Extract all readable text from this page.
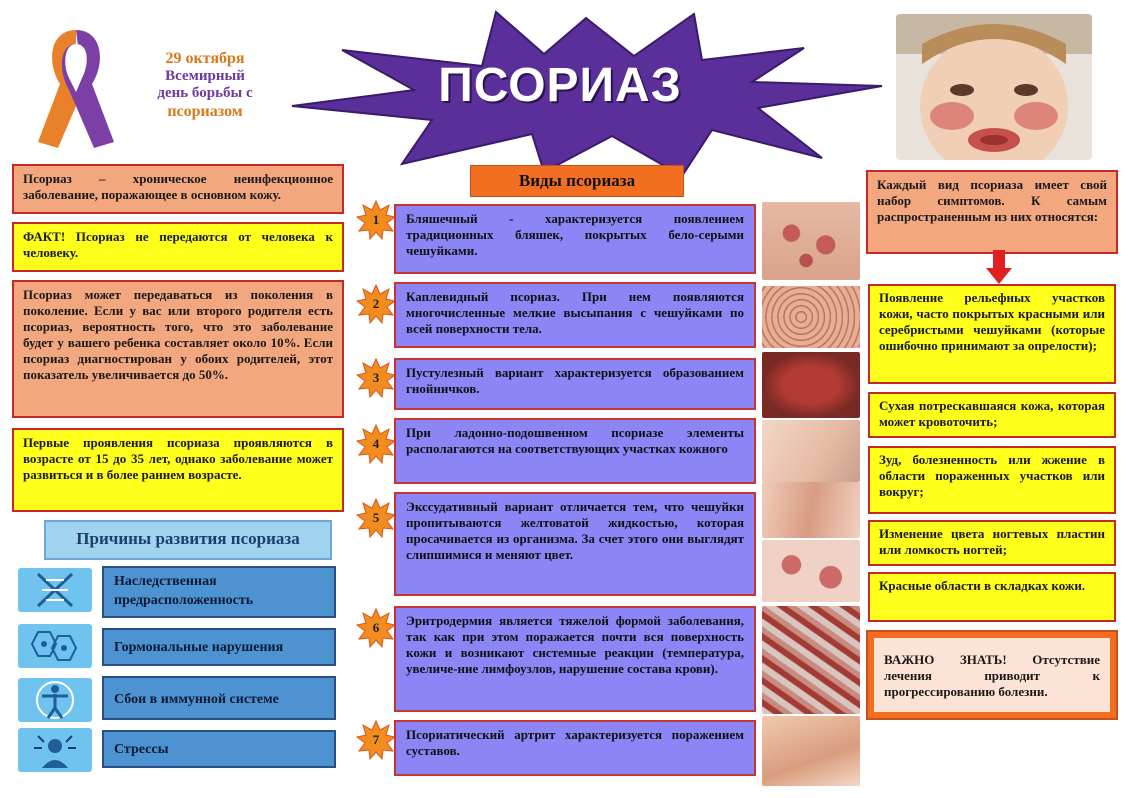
29 октября
Всемирный
день борьбы с
псориазом	ПСОРИАЗ
Псориаз – хроническое неинфекционное заболевание, поражающее в основном кожу.
ФАКТ! Псориаз не передаются от человека к человеку.
Псориаз может передаваться из поколения в поколение. Если у вас или второго родителя есть псориаз, вероятность того, что это заболевание будет у вашего ребенка составляет около 10%. Если псориаз диагностирован у обоих родителей, этот показатель увеличивается до 50%.
Первые проявления псориаза проявляются в возрасте от 15 до 35 лет, однако заболевание может развиться и в более раннем возрасте.
Причины развития псориаза
Наследственная предрасположенность
Гормональные нарушения
Сбои в иммунной системе
Стрессы
Виды псориаза
1
2
3
4
5
6
7
Бляшечный - характеризуется появлением традиционных бляшек, покрытых бело-серыми чешуйками.
Каплевидный псориаз. При нем появляются многочисленные мелкие высыпания с чешуйками по всей поверхности тела.
Пустулезный вариант характеризуется образованием гнойничков.
При ладонно-подошвенном псориазе элементы располагаются на соответствующих участках кожного
Экссудативный вариант отличается тем, что чешуйки пропитываются желтоватой жидкостью, которая просачивается из организма. За счет этого они выглядят слипшимися и меняют цвет.
Эритродермия является тяжелой формой заболевания, так как при этом поражается почти вся поверхность кожи и возникают системные реакции (температура, увеличе-ние лимфоузлов, нарушение состава крови).
Псориатический артрит характеризуется поражением суставов.
Каждый вид псориаза имеет свой набор симптомов. К самым распространенным из них относятся:
Появление рельефных участков кожи, часто покрытых красными или серебристыми чешуйками (которые ошибочно принимают за опрелости);
Сухая потрескавшаяся кожа, которая может кровоточить;
Зуд, болезненность или жжение в области пораженных участков или вокруг;
Изменение цвета ногтевых пластин или ломкость ногтей;
Красные области в складках кожи.
ВАЖНО ЗНАТЬ! Отсутствие лечения приводит к прогрессированию болезни.
